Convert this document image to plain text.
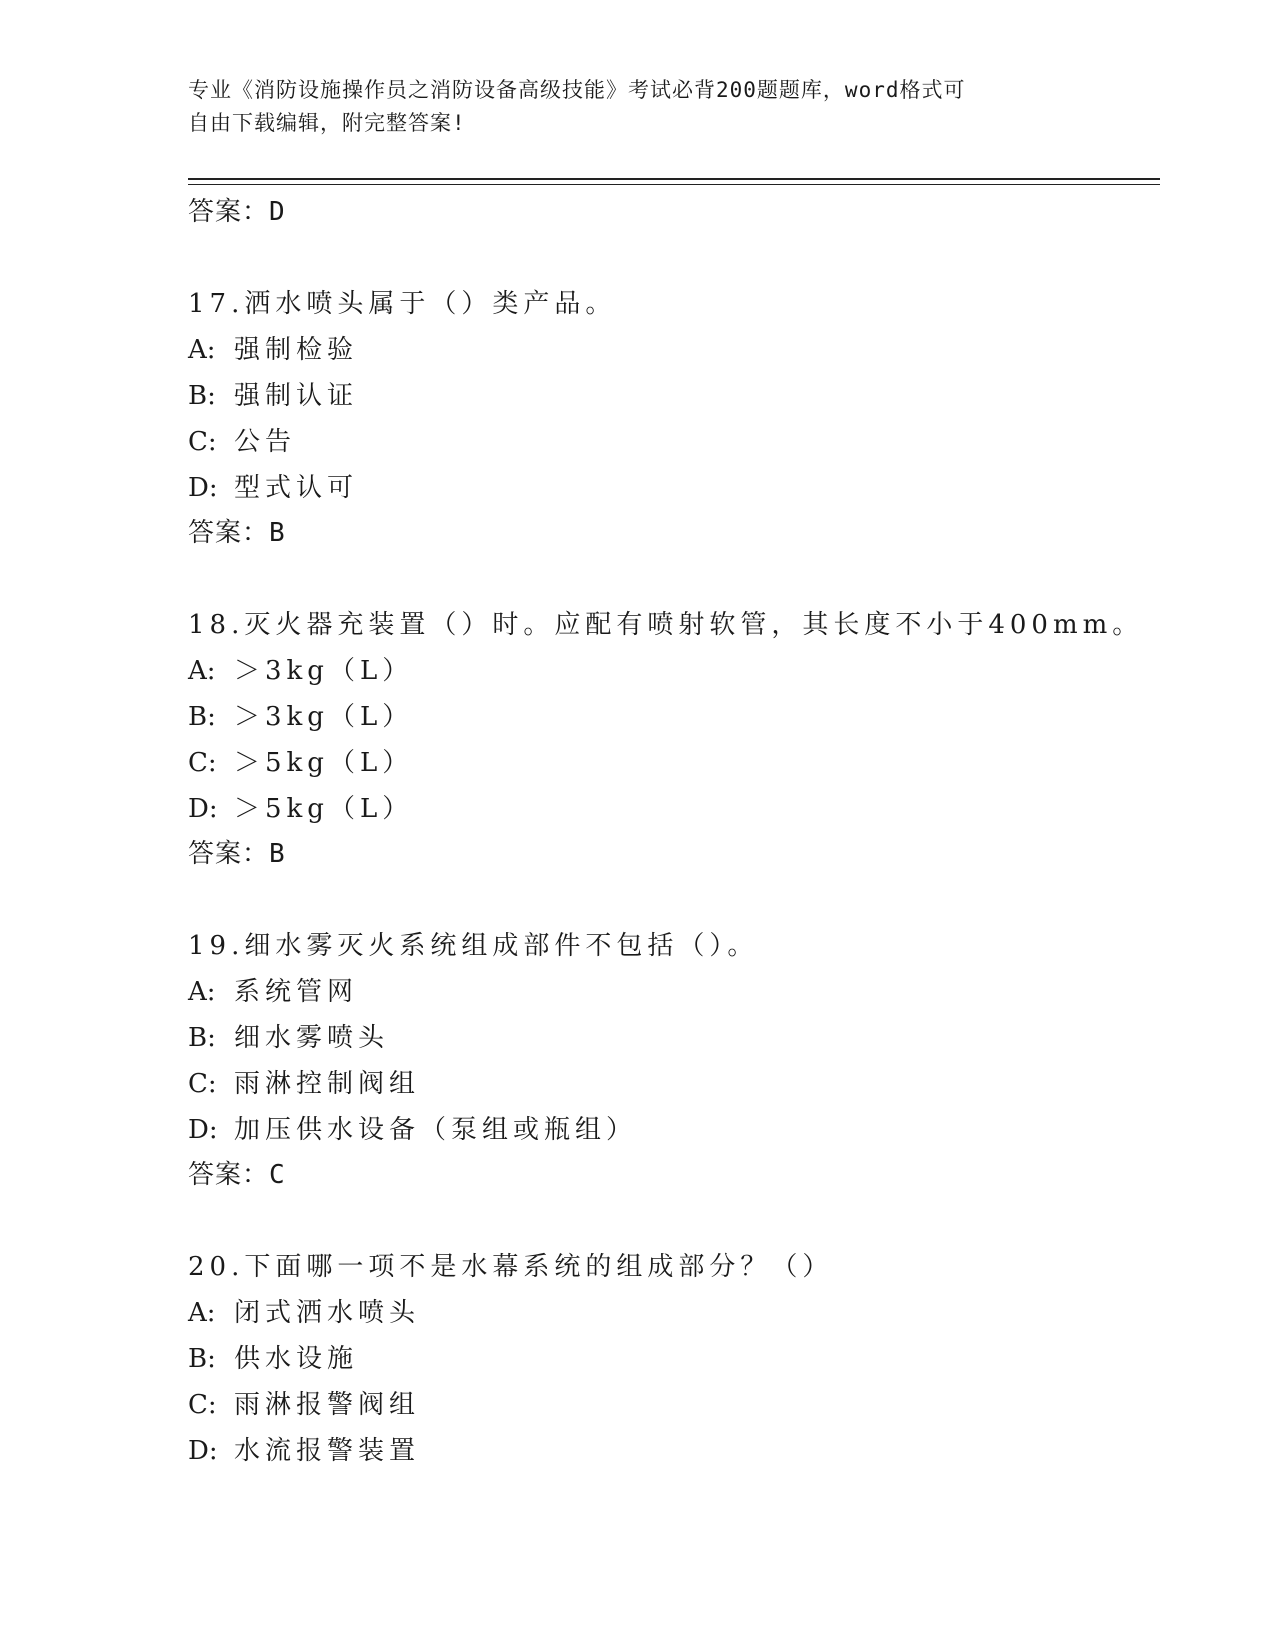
专业《消防设施操作员之消防设备高级技能》考试必背200题题库，word格式可
自由下载编辑，附完整答案!
答案：D
17.洒水喷头属于（）类产品。
A: 强制检验
B: 强制认证
C: 公告
D: 型式认可
答案：B
18.灭火器充装置（）时。应配有喷射软管，其长度不小于400mm。
A: ＞3kg（L）
B: ＞3kg（L）
C: ＞5kg（L）
D: ＞5kg（L）
答案：B
19.细水雾灭火系统组成部件不包括（）。
A: 系统管网
B: 细水雾喷头
C: 雨淋控制阀组
D: 加压供水设备（泵组或瓶组）
答案：C
20.下面哪一项不是水幕系统的组成部分？（）
A: 闭式洒水喷头
B: 供水设施
C: 雨淋报警阀组
D: 水流报警装置
